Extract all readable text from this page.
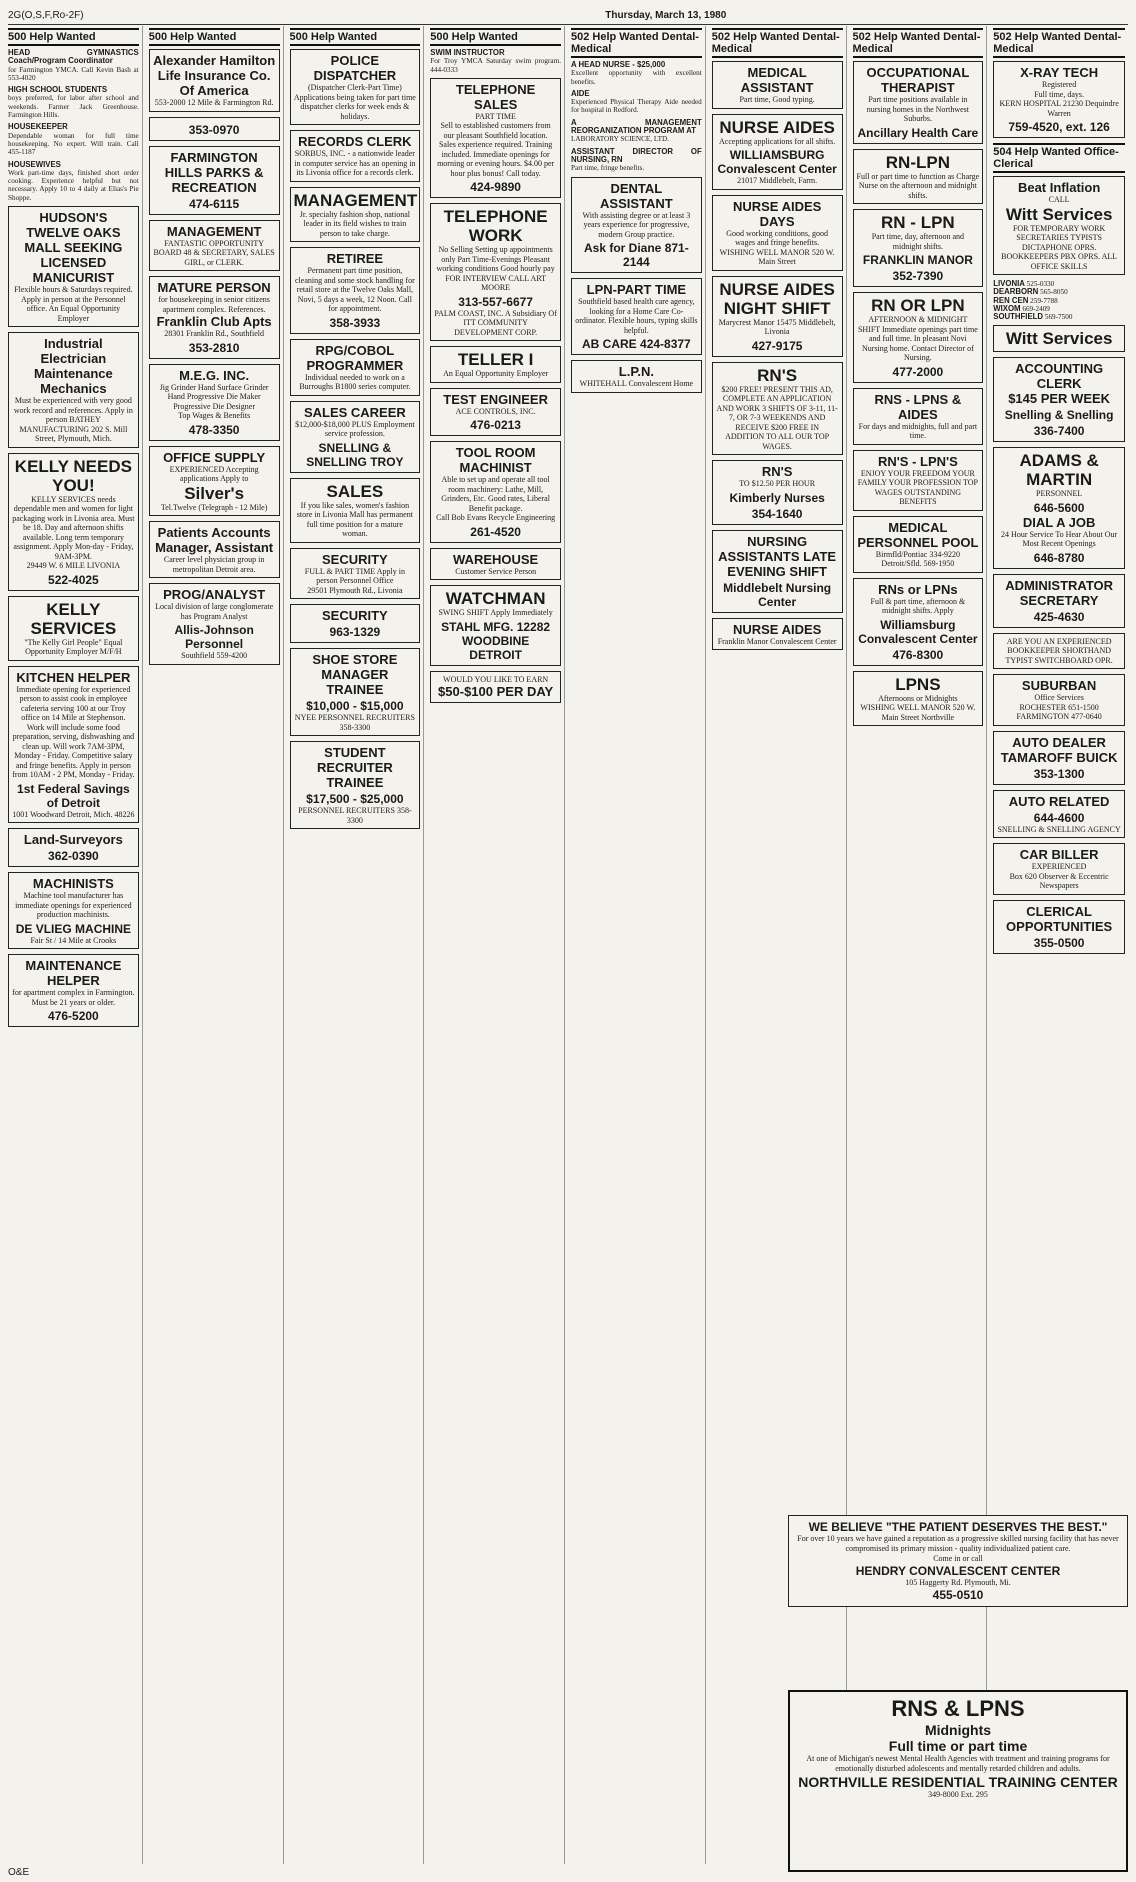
2G(O,S,F,Ro-2F)	Thursday, March 13, 1980
500 Help Wanted
HEAD GYMNASTICS Coach/Program Coordinator
for Farmington YMCA. Call Kevin Bash at 553-4020
HIGH SCHOOL STUDENTS
boys preferred, for labor after school and weekends. Farmer Jack Greenhouse. Farmington Hills.
HOUSEKEEPER
Dependable woman for full time housekeeping. No expert. Will train. Call 455-1187
HOUSEWIVES
Work part-time days, finished short order cooking. Experience helpful but not necessary. Apply 10 to 4 daily at Elias's Pie Shoppe.
HUDSON'S TWELVE OAKS MALL SEEKING LICENSED MANICURIST
Flexible hours & Saturdays required. Apply in person at the Personnel office. An Equal Opportunity Employer
Industrial Electrician Maintenance Mechanics
Must be experienced with very good work record and references. Apply in person BATHEY MANUFACTURING 202 S. Mill Street, Plymouth, Mich.
KELLY NEEDS YOU!
KELLY SERVICES needs dependable men and women for light packaging work in Livonia area. Must be 18. Day and afternoon shifts available. Long term temporary assignment. Apply Mon-day - Friday, 9AM-3PM.
29449 W. 6 MILE LIVONIA
522-4025
KELLY SERVICES
"The Kelly Girl People" Equal Opportunity Employer M/F/H
KITCHEN HELPER
Immediate opening for experienced person to assist cook in employee cafeteria serving 100 at our Troy office on 14 Mile at Stephenson. Work will include some food preparation, serving, dishwashing and clean up. Will work 7AM-3PM, Monday - Friday. Competitive salary and fringe benefits. Apply in person from 10AM - 2 PM, Monday - Friday.
1st Federal Savings of Detroit
1001 Woodward Detroit, Mich. 48226
Land-Surveyors
362-0390
MACHINISTS
Machine tool manufacturer has immediate openings for experienced production machinists.
DE VLIEG MACHINE
Fair St / 14 Mile at Crooks
MAINTENANCE HELPER
for apartment complex in Farmington. Must be 21 years or older.
476-5200
500 Help Wanted
Alexander Hamilton Life Insurance Co. Of America
553-2000 12 Mile & Farmington Rd.
353-0970
FARMINGTON HILLS PARKS & RECREATION
474-6115
MANAGEMENT
FANTASTIC OPPORTUNITY BOARD 48 & SECRETARY, SALES GIRL, or CLERK.
MATURE PERSON
for housekeeping in senior citizens apartment complex. References.
Franklin Club Apts
28301 Franklin Rd., Southfield
353-2810
M.E.G. INC.
Jig Grinder Hand Surface Grinder Hand Progressive Die Maker Progressive Die Designer
Top Wages & Benefits
478-3350
OFFICE SUPPLY
EXPERIENCED Accepting applications Apply to
Silver's
Tel.Twelve (Telegraph - 12 Mile)
Patients Accounts Manager, Assistant
Career level physician group in metropolitan Detroit area.
PROG/ANALYST
Local division of large conglomerate has Program Analyst
Allis-Johnson Personnel
Southfield 559-4200
500 Help Wanted
POLICE DISPATCHER
(Dispatcher Clerk-Part Time) Applications being taken for part time dispatcher clerks for week ends & holidays.
RECORDS CLERK
SORBUS, INC. - a nationwide leader in computer service has an opening in its Livonia office for a records clerk.
MANAGEMENT
Jr. specialty fashion shop, national leader in its field wishes to train person to take charge.
RETIREE
Permanent part time position, cleaning and some stock handling for retail store at the Twelve Oaks Mall, Novi, 5 days a week, 12 Noon. Call for appointment.
358-3933
RPG/COBOL PROGRAMMER
Individual needed to work on a Burroughs B1800 series computer.
SALES CAREER
$12,000-$18,000 PLUS Employment service profession.
SNELLING & SNELLING TROY
SALES
If you like sales, women's fashion store in Livonia Mall has permanent full time position for a mature woman.
SECURITY
FULL & PART TIME Apply in person Personnel Office
29501 Plymouth Rd., Livonia
SECURITY
963-1329
SHOE STORE MANAGER TRAINEE
$10,000 - $15,000
NYEE PERSONNEL RECRUITERS 358-3300
STUDENT RECRUITER TRAINEE
$17,500 - $25,000
PERSONNEL RECRUITERS 358-3300
500 Help Wanted
SWIM INSTRUCTOR
For Troy YMCA Saturday swim program. 444-0333
TELEPHONE SALES
PART TIME
Sell to established customers from our pleasant Southfield location. Sales experience required. Training included. Immediate openings for morning or evening hours. $4.00 per hour plus bonus! Call today.
424-9890
TELEPHONE WORK
No Selling Setting up appointments only Part Time-Evenings Pleasant working conditions Good hourly pay FOR INTERVIEW CALL ART MOORE
313-557-6677
PALM COAST, INC. A Subsidiary Of ITT COMMUNITY DEVELOPMENT CORP.
TELLER I
An Equal Opportunity Employer
TEST ENGINEER
ACE CONTROLS, INC.
476-0213
TOOL ROOM MACHINIST
Able to set up and operate all tool room machinery: Lathe, Mill, Grinders, Etc. Good rates, Liberal Benefit package.
Call Bob Evans Recycle Engineering
261-4520
WAREHOUSE
Customer Service Person
WATCHMAN
SWING SHIFT Apply Immediately
STAHL MFG. 12282 WOODBINE DETROIT
WOULD YOU LIKE TO EARN
$50-$100 PER DAY
502 Help Wanted Dental-Medical
A HEAD NURSE - $25,000
Excellent opportunity with excellent benefits.
AIDE
Experienced Physical Therapy Aide needed for hospital in Redford.
A MANAGEMENT REORGANIZATION PROGRAM AT
LABORATORY SCIENCE, LTD.
ASSISTANT DIRECTOR OF NURSING, RN
Part time, fringe benefits.
DENTAL ASSISTANT
With assisting degree or at least 3 years experience for progressive, modern Group practice.
Ask for Diane 871-2144
LPN-PART TIME
Southfield based health care agency, looking for a Home Care Co-ordinator. Flexible hours, typing skills helpful.
AB CARE 424-8377
L.P.N.
WHITEHALL Convalescent Home
502 Help Wanted Dental-Medical
MEDICAL ASSISTANT
Part time, Good typing.
NURSE AIDES
Accepting applications for all shifts.
WILLIAMSBURG Convalescent Center
21017 Middlebelt, Farm.
NURSE AIDES DAYS
Good working conditions, good wages and fringe benefits.
WISHING WELL MANOR 520 W. Main Street
NURSE AIDES NIGHT SHIFT
Marycrest Manor 15475 Middlebelt, Livonia
427-9175
RN'S
$200 FREE! PRESENT THIS AD, COMPLETE AN APPLICATION AND WORK 3 SHIFTS OF 3-11, 11-7, OR 7-3 WEEKENDS AND RECEIVE $200 FREE IN ADDITION TO ALL OUR TOP WAGES.
RN'S
TO $12.50 PER HOUR
Kimberly Nurses
354-1640
NURSING ASSISTANTS LATE EVENING SHIFT
Middlebelt Nursing Center
NURSE AIDES
Franklin Manor Convalescent Center
502 Help Wanted Dental-Medical
OCCUPATIONAL THERAPIST
Part time positions available in nursing homes in the Northwest Suburbs.
Ancillary Health Care
RN-LPN
Full or part time to function as Charge Nurse on the afternoon and midnight shifts.
RN - LPN
Part time, day, afternoon and midnight shifts.
FRANKLIN MANOR
352-7390
RN OR LPN
AFTERNOON & MIDNIGHT SHIFT Immediate openings part time and full time. In pleasant Novi Nursing home. Contact Director of Nursing.
477-2000
RNS - LPNS & AIDES
For days and midnights, full and part time.
RN'S - LPN'S
ENJOY YOUR FREEDOM YOUR FAMILY YOUR PROFESSION TOP WAGES OUTSTANDING BENEFITS
MEDICAL PERSONNEL POOL
Birmfld/Pontiac 334-9220 Detroit/Sfld. 569-1950
RNs or LPNs
Full & part time, afternoon & midnight shifts. Apply
Williamsburg Convalescent Center
476-8300
LPNS
Afternoons or Midnights
WISHING WELL MANOR 520 W. Main Street Northville
502 Help Wanted Dental-Medical
X-RAY TECH
Registered
Full time, days.
KERN HOSPITAL 21230 Dequindre Warren
759-4520, ext. 126
504 Help Wanted Office-Clerical
Beat Inflation
CALL
Witt Services
FOR TEMPORARY WORK
SECRETARIES TYPISTS DICTAPHONE OPRS. BOOKKEEPERS PBX OPRS. ALL OFFICE SKILLS
LIVONIA 525-0330
DEARBORN 565-8050
REN CEN 259-7788
WIXOM 669-2409
SOUTHFIELD 569-7500
Witt Services
ACCOUNTING CLERK
$145 PER WEEK
Snelling & Snelling
336-7400
ADAMS & MARTIN
PERSONNEL
646-5600
DIAL A JOB
24 Hour Service To Hear About Our Most Recent Openings
646-8780
ADMINISTRATOR SECRETARY
425-4630
ARE YOU AN EXPERIENCED BOOKKEEPER SHORTHAND TYPIST SWITCHBOARD OPR.
SUBURBAN
Office Services
ROCHESTER 651-1500 FARMINGTON 477-0640
AUTO DEALER
TAMAROFF BUICK
353-1300
AUTO RELATED
644-4600
SNELLING & SNELLING AGENCY
CAR BILLER
EXPERIENCED
Box 620 Observer & Eccentric Newspapers
CLERICAL OPPORTUNITIES
355-0500
WE BELIEVE "THE PATIENT DESERVES THE BEST."
For over 10 years we have gained a reputation as a progressive skilled nursing facility that has never compromised its primary mission - quality individualized patient care.
Come in or call
HENDRY CONVALESCENT CENTER
105 Haggerty Rd. Plymouth, Mi.
455-0510
RNS & LPNS
Midnights
Full time or part time
At one of Michigan's newest Mental Health Agencies with treatment and training programs for emotionally disturbed adolescents and mentally retarded children and adults.
NORTHVILLE RESIDENTIAL TRAINING CENTER
349-8000 Ext. 295
O&E
